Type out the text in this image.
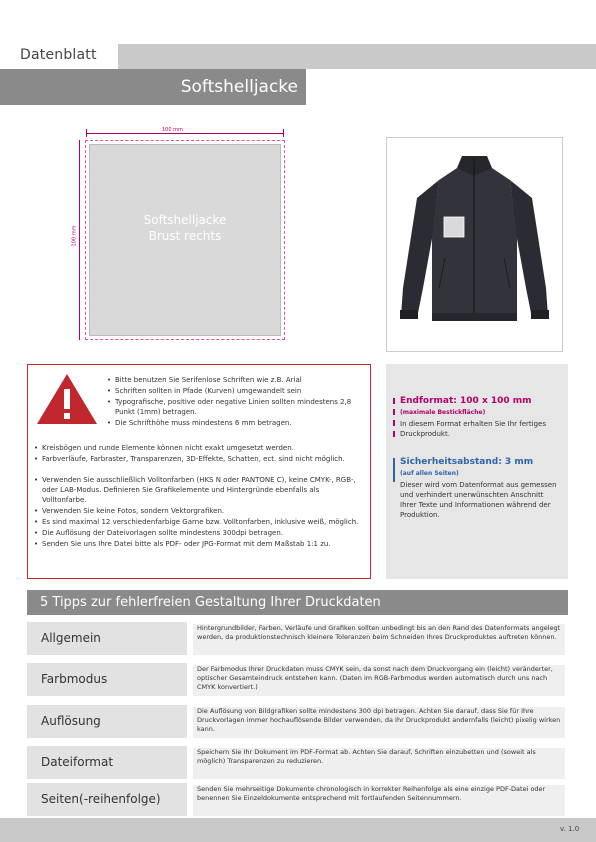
Datenblatt
Softshelljacke
100 mm
100 mm
Softshelljacke
Brust rechts
• Bitte benutzen Sie Serifenlose Schriften wie z.B. Arial
• Schriften sollten in Pfade (Kurven) umgewandelt sein
• Typografische, positive oder negative Linien sollten mindestens 2,8 Punkt (1mm) betragen.
• Die Schrifthöhe muss mindestens 6 mm betragen.
• Kreisbögen und runde Elemente können nicht exakt umgesetzt werden.
• Farbverläufe, Farbraster, Transparenzen, 3D-Effekte, Schatten, ect. sind nicht möglich.
• Verwenden Sie ausschließlich Volltonfarben (HKS N oder PANTONE C), keine CMYK-, RGB-, oder LAB-Modus. Definieren Sie Grafikelemente und Hintergründe ebenfalls als Volltonfarbe.
• Verwenden Sie keine Fotos, sondern Vektorgrafiken.
• Es sind maximal 12 verschiedenfarbige Garne bzw. Volltonfarben, inklusive weiß, möglich.
• Die Auflösung der Dateivorlagen sollte mindestens 300dpi betragen.
• Senden Sie uns Ihre Datei bitte als PDF- oder JPG-Format mit dem Maßstab 1:1 zu.
Endformat: 100 x 100 mm
(maximale Bestickfläche)
In diesem Format erhalten Sie Ihr fertiges Druckprodukt.
Sicherheitsabstand: 3 mm
(auf allen Seiten)
Dieser wird vom Datenformat aus gemessen und verhindert unerwünschten Anschnitt Ihrer Texte und Informationen während der Produktion.
5 Tipps zur fehlerfreien Gestaltung Ihrer Druckdaten
Allgemein
Hintergrundbilder, Farben, Verläufe und Grafiken sollten unbedingt bis an den Rand des Datenformats angelegt werden, da produktionstechnisch kleinere Toleranzen beim Schneiden Ihres Druckproduktes auftreten können.
Farbmodus
Der Farbmodus Ihrer Druckdaten muss CMYK sein, da sonst nach dem Druckvorgang ein (leicht) veränderter, optischer Gesamteindruck entstehen kann. (Daten im RGB-Farbmodus werden automatisch durch uns nach CMYK konvertiert.)
Auflösung
Die Auflösung von Bildgrafiken sollte mindestens 300 dpi betragen. Achten Sie darauf, dass Sie für Ihre Druckvorlagen immer hochauflösende Bilder verwenden, da Ihr Druckprodukt andernfalls (leicht) pixelig wirken kann.
Dateiformat
Speichern Sie Ihr Dokument im PDF-Format ab. Achten Sie darauf, Schriften einzubetten und (soweit als möglich) Transparenzen zu reduzieren.
Seiten(-reihenfolge)
Senden Sie mehrseitige Dokumente chronologisch in korrekter Reihenfolge als eine einzige PDF-Datei oder benennen Sie Einzeldokumente entsprechend mit fortlaufenden Seitennummern.
v. 1.0
